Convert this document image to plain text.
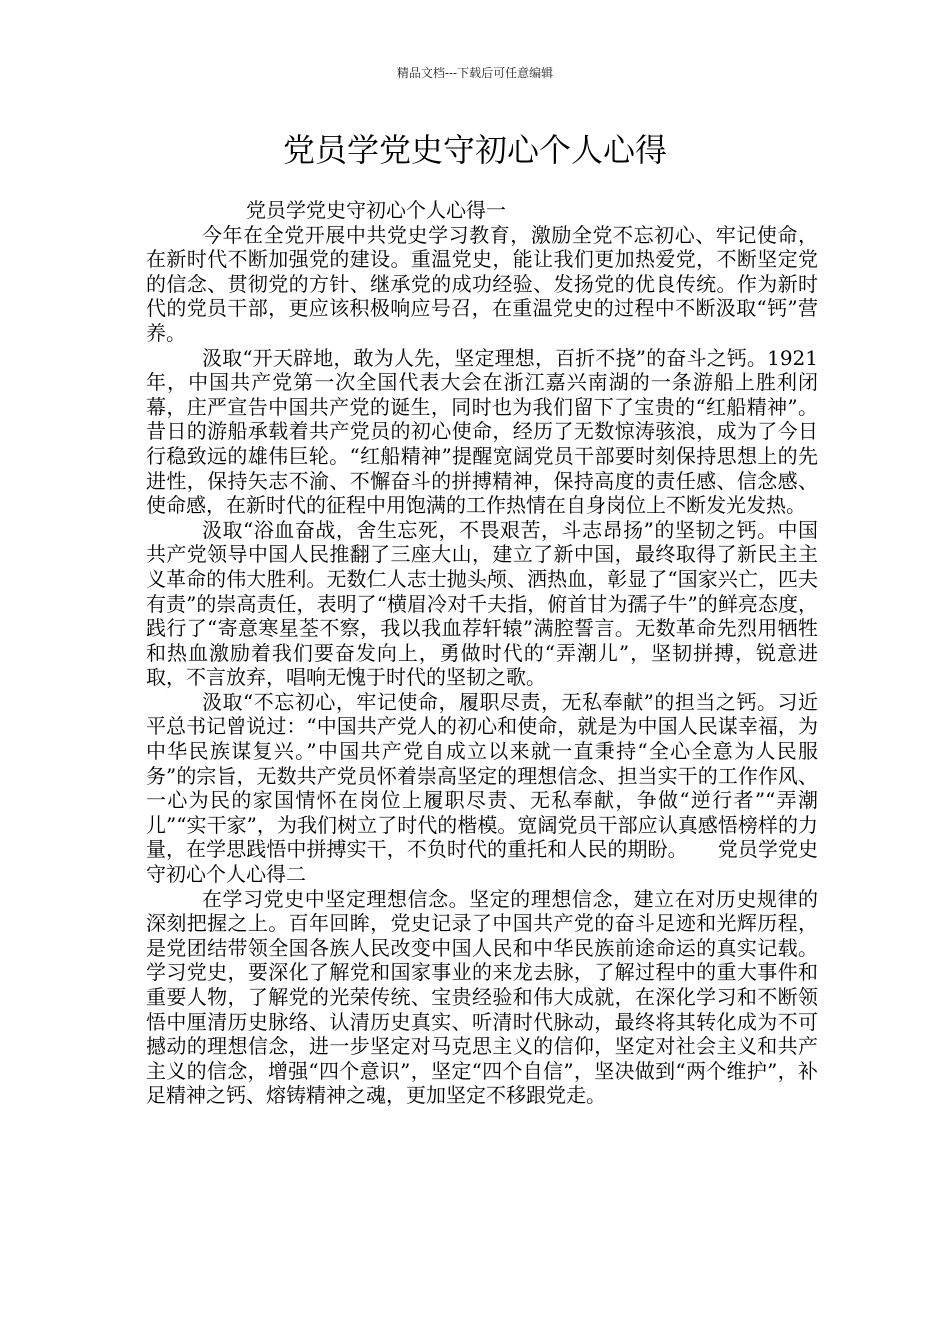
精品文档---下载后可任意编辑
党员学党史守初心个人心得

党员学党史守初心个人心得一

今年在全党开展中共党史学习教育，激励全党不忘初心、牢记使命，在新时代不断加强党的建设。重温党史，能让我们更加热爱党，不断坚定党的信念、贯彻党的方针、继承党的成功经验、发扬党的优良传统。作为新时代的党员干部，更应该积极响应号召，在重温党史的过程中不断汲取“钙”营养。

汲取“开天辟地，敢为人先，坚定理想，百折不挠”的奋斗之钙。1921年，中国共产党第一次全国代表大会在浙江嘉兴南湖的一条游船上胜利闭幕，庄严宣告中国共产党的诞生，同时也为我们留下了宝贵的“红船精神”。昔日的游船承载着共产党员的初心使命，经历了无数惊涛骇浪，成为了今日行稳致远的雄伟巨轮。“红船精神”提醒宽阔党员干部要时刻保持思想上的先进性，保持矢志不渝、不懈奋斗的拼搏精神，保持高度的责任感、信念感、使命感，在新时代的征程中用饱满的工作热情在自身岗位上不断发光发热。

汲取“浴血奋战，舍生忘死，不畏艰苦，斗志昂扬”的坚韧之钙。中国共产党领导中国人民推翻了三座大山，建立了新中国，最终取得了新民主主义革命的伟大胜利。无数仁人志士抛头颅、洒热血，彰显了“国家兴亡，匹夫有责”的崇高责任，表明了“横眉冷对千夫指，俯首甘为孺子牛”的鲜亮态度，践行了“寄意寒星荃不察，我以我血荐轩辕”满腔誓言。无数革命先烈用牺牲和热血激励着我们要奋发向上，勇做时代的“弄潮儿”，坚韧拼搏，锐意进取，不言放弃，唱响无愧于时代的坚韧之歌。

汲取“不忘初心，牢记使命，履职尽责，无私奉献”的担当之钙。习近平总书记曾说过：“中国共产党人的初心和使命，就是为中国人民谋幸福，为中华民族谋复兴。”中国共产党自成立以来就一直秉持“全心全意为人民服务”的宗旨，无数共产党员怀着崇高坚定的理想信念、担当实干的工作作风、一心为民的家国情怀在岗位上履职尽责、无私奉献，争做“逆行者”“弄潮儿”“实干家”，为我们树立了时代的楷模。宽阔党员干部应认真感悟榜样的力量，在学思践悟中拼搏实干，不负时代的重托和人民的期盼。　　党员学党史守初心个人心得二

在学习党史中坚定理想信念。坚定的理想信念，建立在对历史规律的深刻把握之上。百年回眸，党史记录了中国共产党的奋斗足迹和光辉历程，是党团结带领全国各族人民改变中国人民和中华民族前途命运的真实记载。学习党史，要深化了解党和国家事业的来龙去脉，了解过程中的重大事件和重要人物，了解党的光荣传统、宝贵经验和伟大成就，在深化学习和不断领悟中厘清历史脉络、认清历史真实、听清时代脉动，最终将其转化成为不可撼动的理想信念，进一步坚定对马克思主义的信仰，坚定对社会主义和共产主义的信念，增强“四个意识”，坚定“四个自信”，坚决做到“两个维护”，补足精神之钙、熔铸精神之魂，更加坚定不移跟党走。
